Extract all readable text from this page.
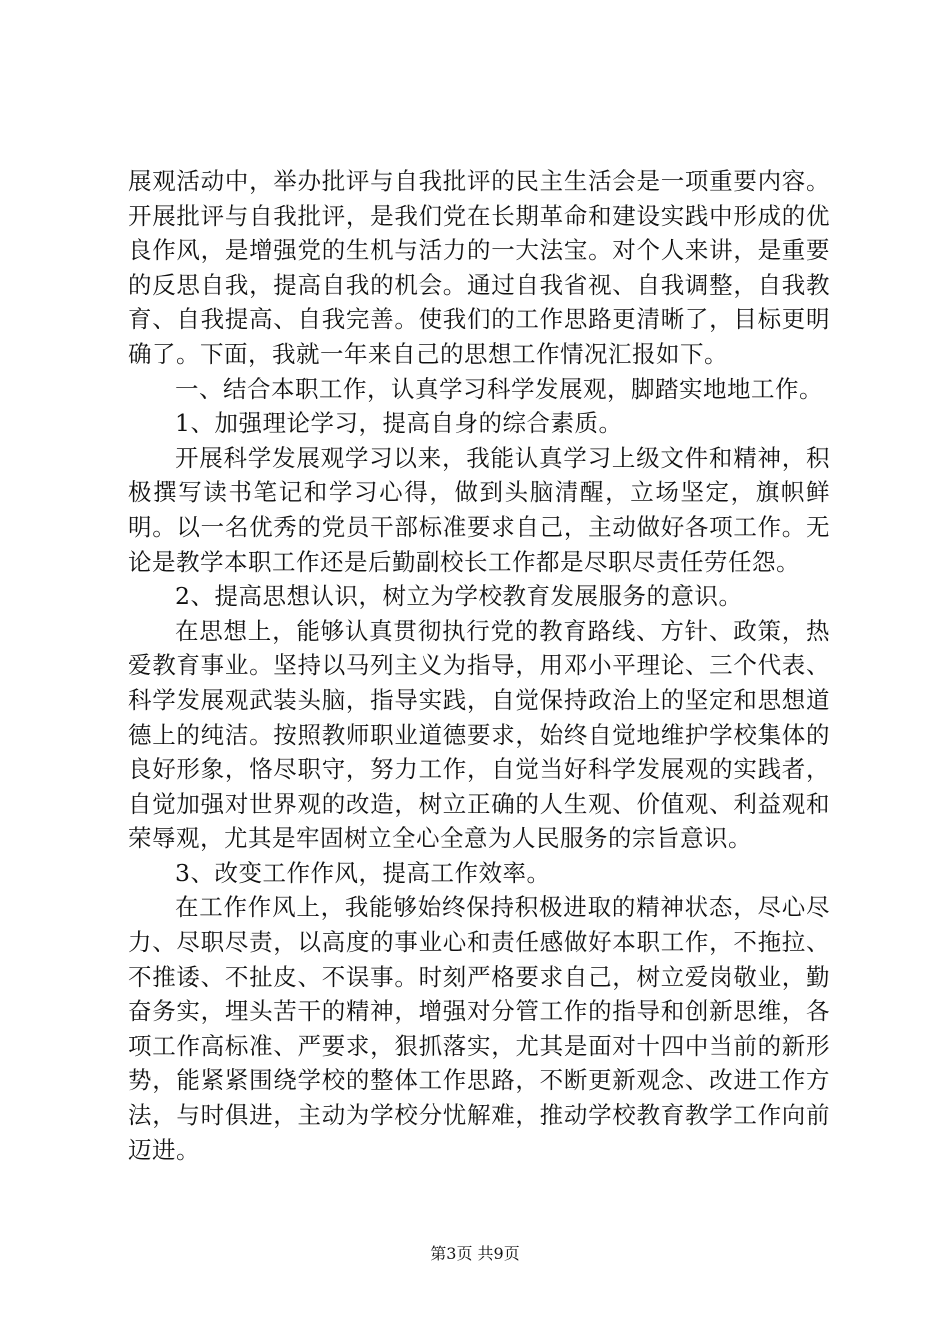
展观活动中，举办批评与自我批评的民主生活会是一项重要内容。开展批评与自我批评，是我们党在长期革命和建设实践中形成的优良作风，是增强党的生机与活力的一大法宝。对个人来讲，是重要的反思自我，提高自我的机会。通过自我省视、自我调整，自我教育、自我提高、自我完善。使我们的工作思路更清晰了，目标更明确了。下面，我就一年来自己的思想工作情况汇报如下。

一、结合本职工作，认真学习科学发展观，脚踏实地地工作。

1、加强理论学习，提高自身的综合素质。

开展科学发展观学习以来，我能认真学习上级文件和精神，积极撰写读书笔记和学习心得，做到头脑清醒，立场坚定，旗帜鲜明。以一名优秀的党员干部标准要求自己，主动做好各项工作。无论是教学本职工作还是后勤副校长工作都是尽职尽责任劳任怨。

2、提高思想认识，树立为学校教育发展服务的意识。

在思想上，能够认真贯彻执行党的教育路线、方针、政策，热爱教育事业。坚持以马列主义为指导，用邓小平理论、三个代表、科学发展观武装头脑，指导实践，自觉保持政治上的坚定和思想道德上的纯洁。按照教师职业道德要求，始终自觉地维护学校集体的良好形象，恪尽职守，努力工作，自觉当好科学发展观的实践者，自觉加强对世界观的改造，树立正确的人生观、价值观、利益观和荣辱观，尤其是牢固树立全心全意为人民服务的宗旨意识。

3、改变工作作风，提高工作效率。

在工作作风上，我能够始终保持积极进取的精神状态，尽心尽力、尽职尽责，以高度的事业心和责任感做好本职工作，不拖拉、不推诿、不扯皮、不误事。时刻严格要求自己，树立爱岗敬业，勤奋务实，埋头苦干的精神，增强对分管工作的指导和创新思维，各项工作高标准、严要求，狠抓落实，尤其是面对十四中当前的新形势，能紧紧围绕学校的整体工作思路，不断更新观念、改进工作方法，与时俱进，主动为学校分忧解难，推动学校教育教学工作向前迈进。

第3页 共9页
